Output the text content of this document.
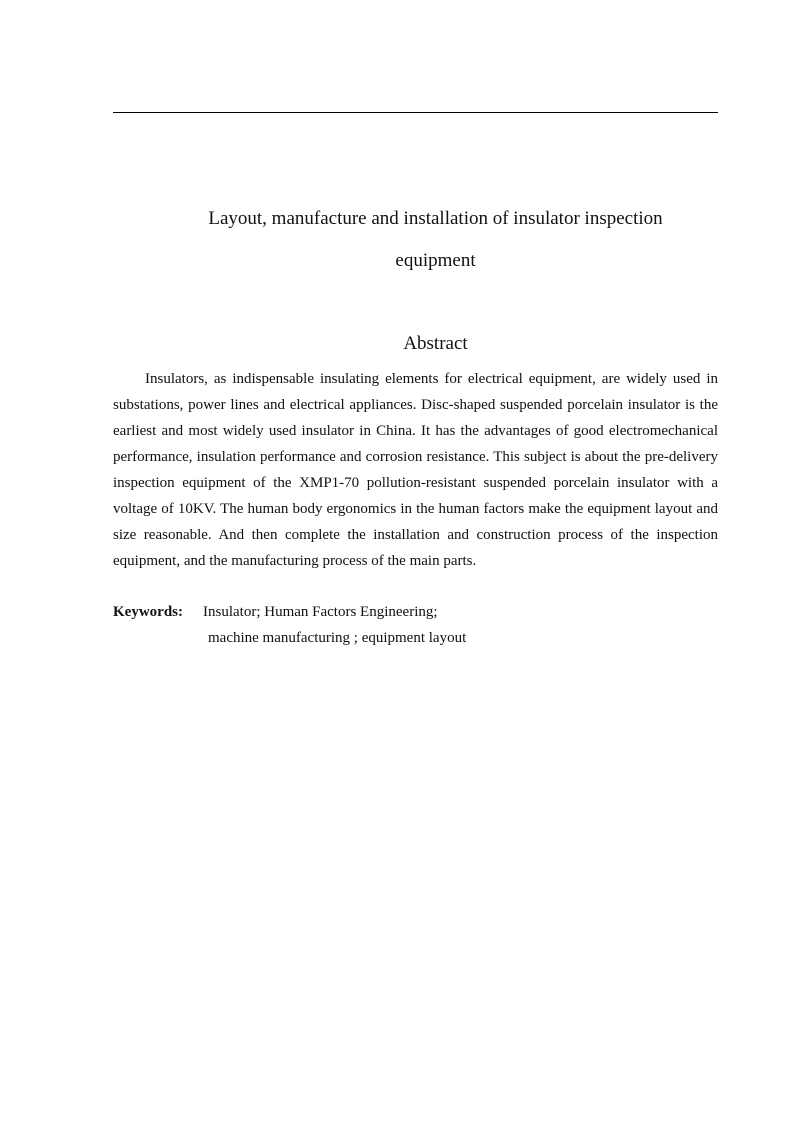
Layout, manufacture and installation of insulator inspection
equipment
Abstract

Insulators, as indispensable insulating elements for electrical equipment, are widely used in substations, power lines and electrical appliances. Disc-shaped suspended porcelain insulator is the earliest and most widely used insulator in China. It has the advantages of good electromechanical performance, insulation performance and corrosion resistance. This subject is about the pre-delivery inspection equipment of the XMP1-70 pollution-resistant suspended porcelain insulator with a voltage of 10KV. The human body ergonomics in the human factors make the equipment layout and size reasonable. And then complete the installation and construction process of the inspection equipment, and the manufacturing process of the main parts.

Keywords: Insulator; Human Factors Engineering;
machine manufacturing ; equipment layout
